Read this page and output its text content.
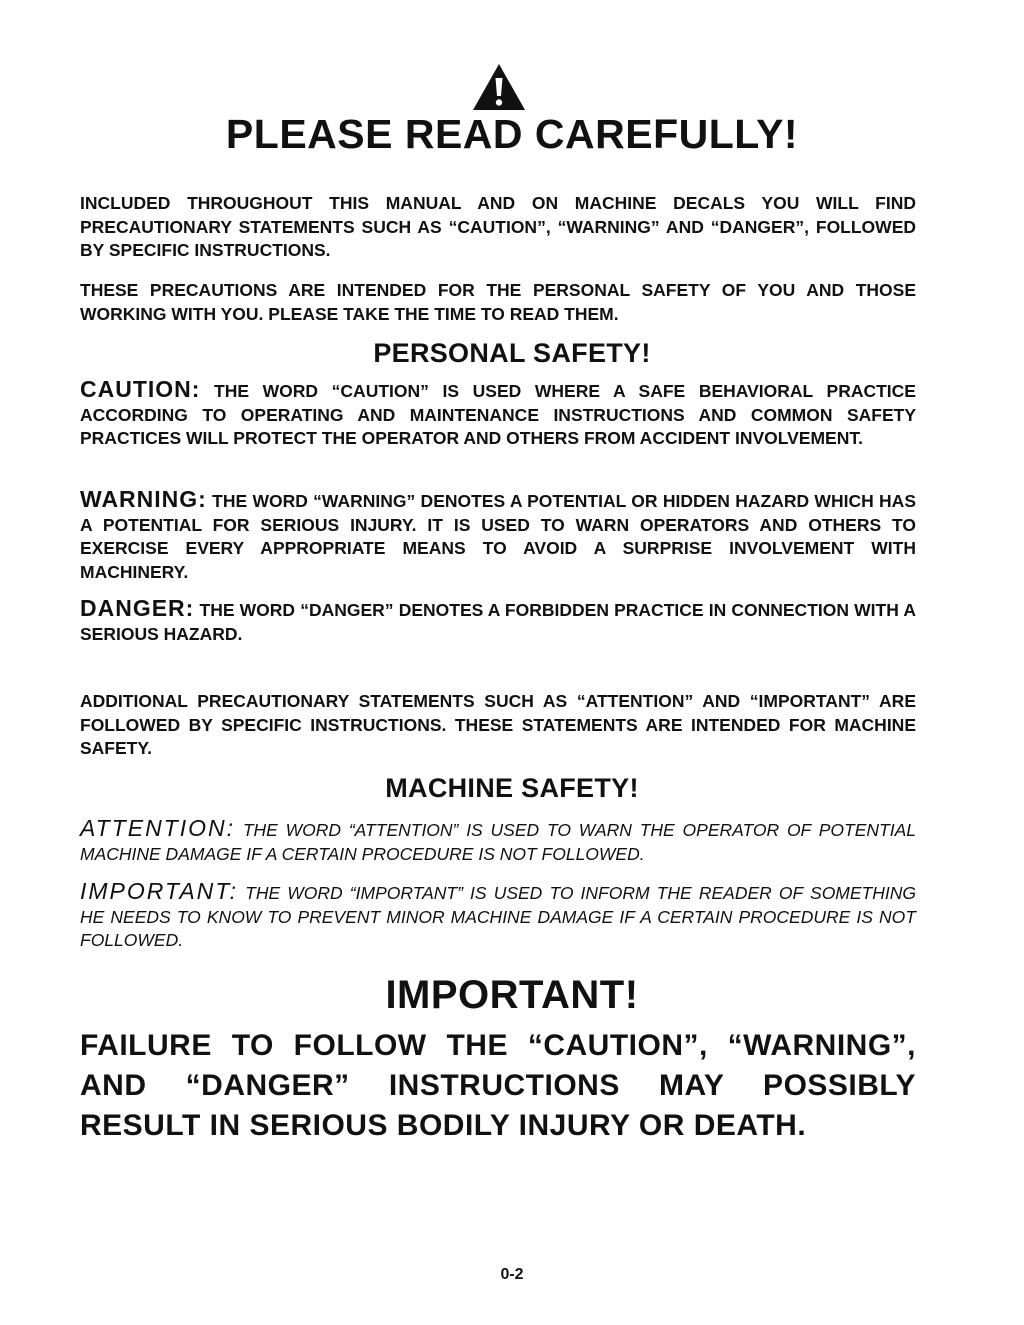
PLEASE READ CAREFULLY!

INCLUDED THROUGHOUT THIS MANUAL AND ON MACHINE DECALS YOU WILL FIND PRECAUTIONARY STATEMENTS SUCH AS “CAUTION”, “WARNING” AND “DANGER”, FOLLOWED BY SPECIFIC INSTRUCTIONS.

THESE PRECAUTIONS ARE INTENDED FOR THE PERSONAL SAFETY OF YOU AND THOSE WORKING WITH YOU. PLEASE TAKE THE TIME TO READ THEM.

PERSONAL SAFETY!

CAUTION: THE WORD “CAUTION” IS USED WHERE A SAFE BEHAVIORAL PRACTICE ACCORDING TO OPERATING AND MAINTENANCE INSTRUCTIONS AND COMMON SAFETY PRACTICES WILL PROTECT THE OPERATOR AND OTHERS FROM ACCIDENT INVOLVEMENT.

WARNING: THE WORD “WARNING” DENOTES A POTENTIAL OR HIDDEN HAZARD WHICH HAS A POTENTIAL FOR SERIOUS INJURY. IT IS USED TO WARN OPERATORS AND OTHERS TO EXERCISE EVERY APPROPRIATE MEANS TO AVOID A SURPRISE INVOLVEMENT WITH MACHINERY.

DANGER: THE WORD “DANGER” DENOTES A FORBIDDEN PRACTICE IN CONNECTION WITH A SERIOUS HAZARD.

ADDITIONAL PRECAUTIONARY STATEMENTS SUCH AS “ATTENTION” AND “IMPORTANT” ARE FOLLOWED BY SPECIFIC INSTRUCTIONS. THESE STATEMENTS ARE INTENDED FOR MACHINE SAFETY.

MACHINE SAFETY!

ATTENTION: THE WORD “ATTENTION” IS USED TO WARN THE OPERATOR OF POTENTIAL MACHINE DAMAGE IF A CERTAIN PROCEDURE IS NOT FOLLOWED.

IMPORTANT: THE WORD “IMPORTANT” IS USED TO INFORM THE READER OF SOMETHING HE NEEDS TO KNOW TO PREVENT MINOR MACHINE DAMAGE IF A CERTAIN PROCEDURE IS NOT FOLLOWED.

IMPORTANT!

FAILURE TO FOLLOW THE “CAUTION”, “WARNING”, AND “DANGER” INSTRUCTIONS MAY POSSIBLY RESULT IN SERIOUS BODILY INJURY OR DEATH.

0-2
